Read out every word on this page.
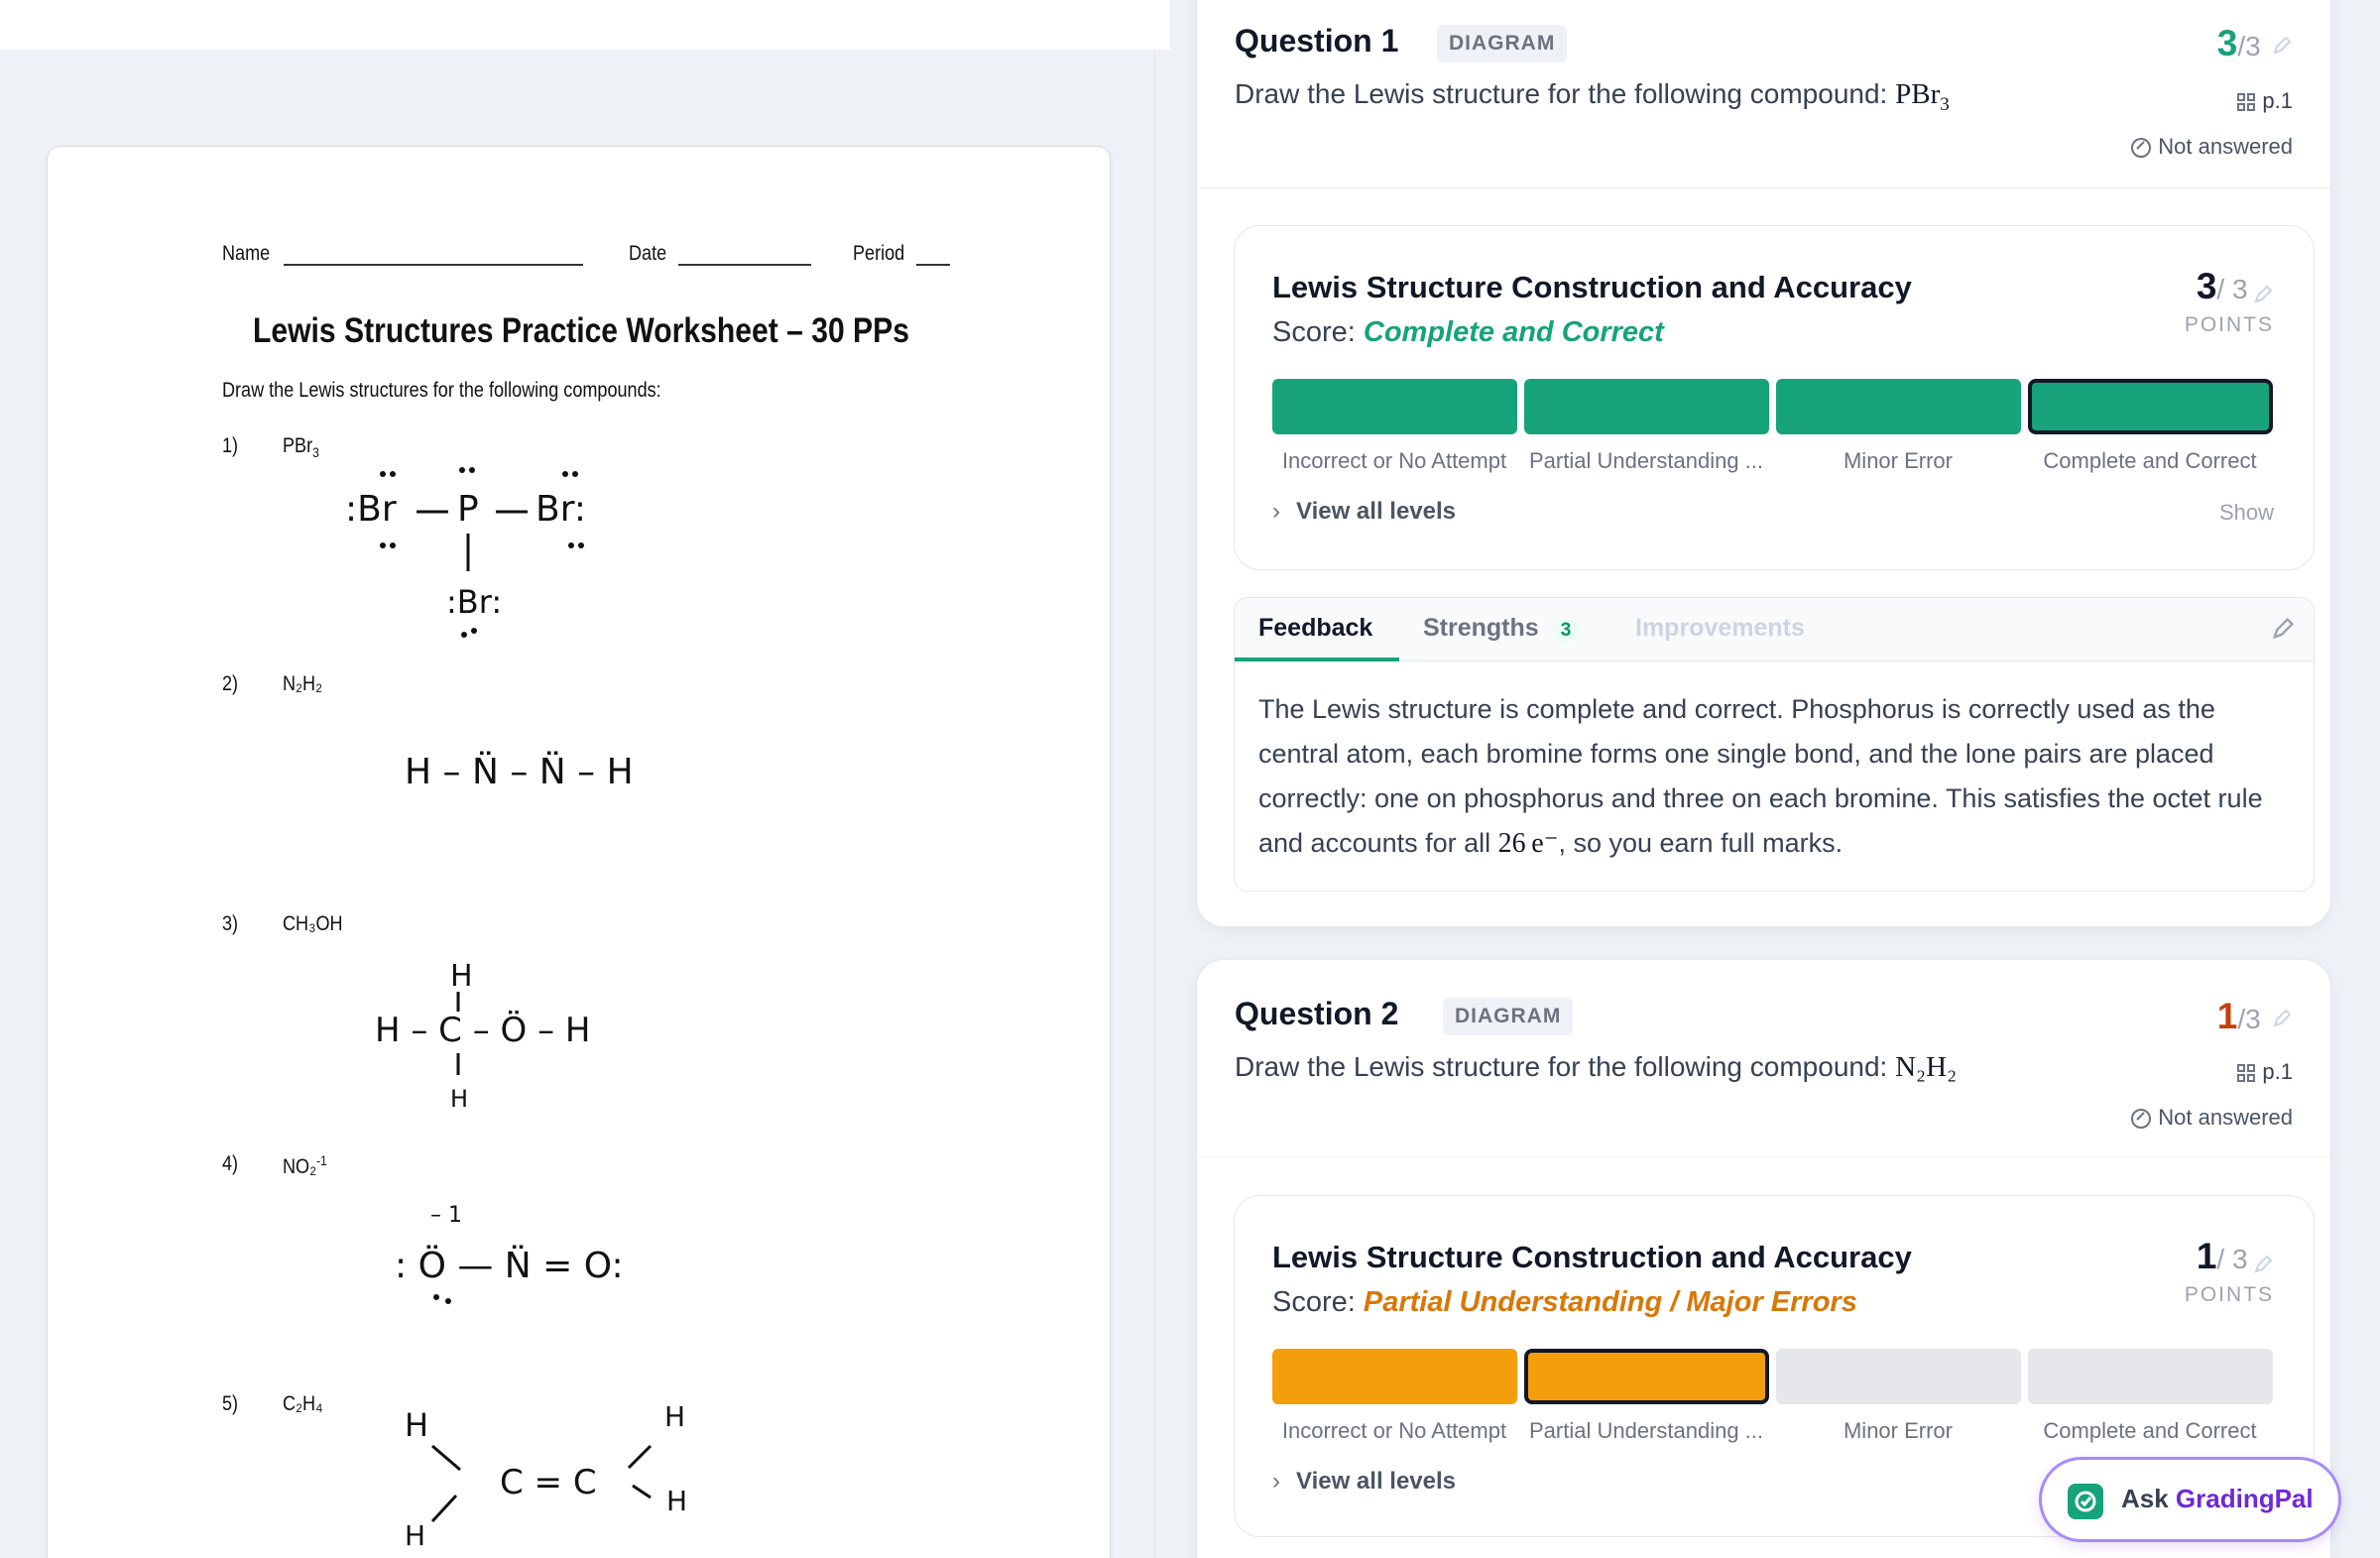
Name	Date	Period
Lewis Structures Practice Worksheet – 30 PPs
Draw the Lewis structures for the following compounds:
1) PBr$_3$
:Br P Br:
:Br:
2) N₂H₂
H – N̈ – N̈ – H
3) CH₃OH
H
H – C – Ö – H
H
4) NO₂$^{-1}$
– 1
: Ö — N̈ = O:
5) C₂H₄
H	H
H
H
C = C
Question 1	DIAGRAM
Draw the Lewis structure for the following compound: PBr$_3$
3/3
p.1
Not answered
Lewis Structure Construction and Accuracy
Score: Complete and Correct
3/ 3
POINTS
Incorrect or No Attempt	Partial Understanding ...	Minor Error	Complete and Correct
› View all levels	Show
Feedback Strengths 3	Improvements
The Lewis structure is complete and correct. Phosphorus is correctly used as the central atom, each bromine forms one single bond, and the lone pairs are placed correctly: one on phosphorus and three on each bromine. This satisfies the octet rule and accounts for all 26 e⁻, so you earn full marks.
Question 2	DIAGRAM
Draw the Lewis structure for the following compound: N₂H₂
1/3
p.1
Not answered
Lewis Structure Construction and Accuracy
Score: Partial Understanding / Major Errors
1/ 3
POINTS
Incorrect or No Attempt	Partial Understanding ...	Minor Error	Complete and Correct
› View all levels
Ask GradingPal
